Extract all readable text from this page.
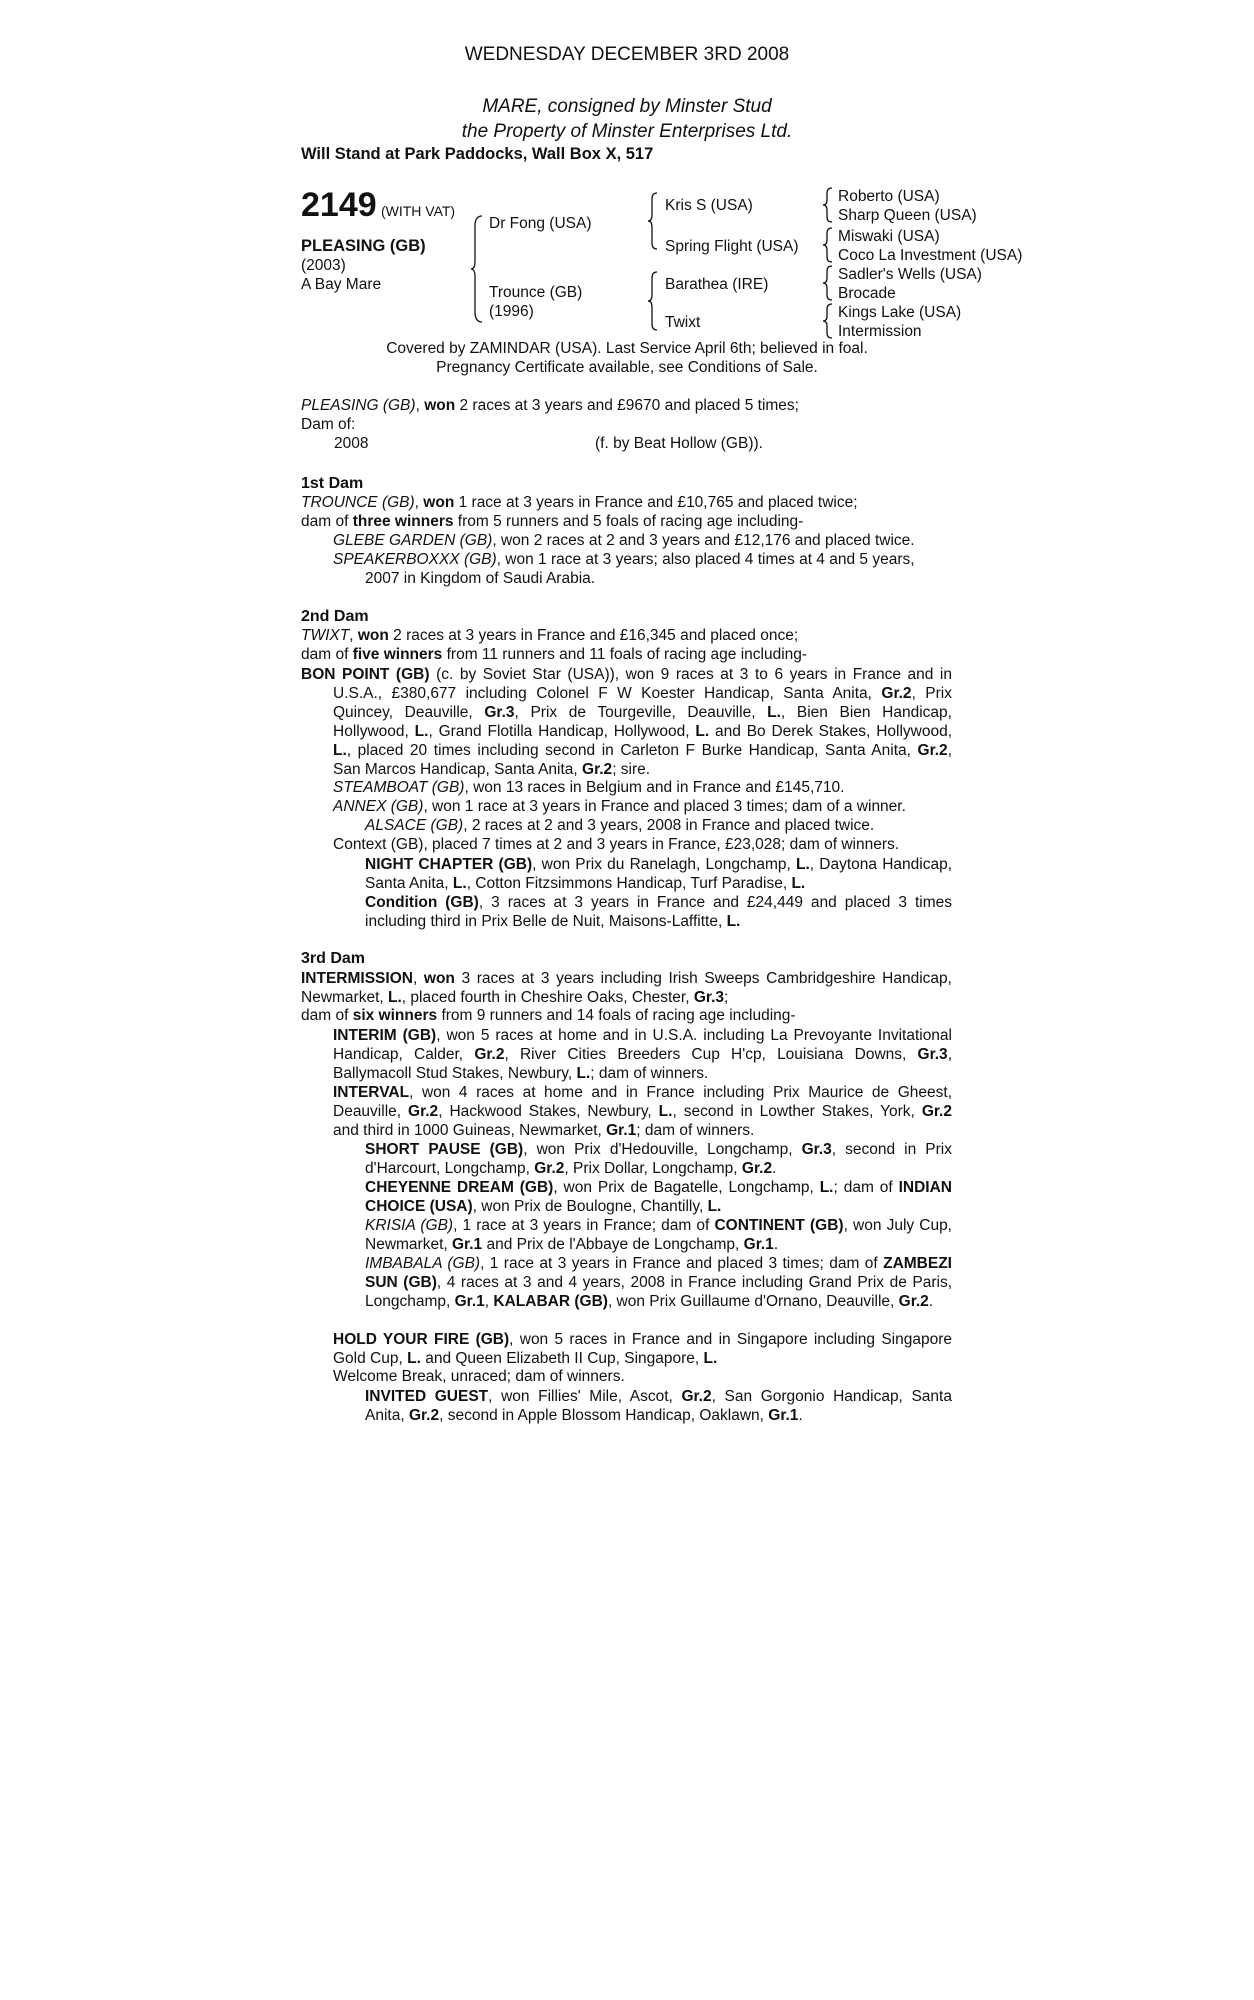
WEDNESDAY DECEMBER 3RD 2008
MARE, consigned by Minster Stud
the Property of Minster Enterprises Ltd.
Will Stand at Park Paddocks, Wall Box X, 517
2149 (WITH VAT)
PLEASING (GB)
(2003)
A Bay Mare
Dr Fong (USA)
Trounce (GB)
(1996)
Kris S (USA)
Spring Flight (USA)
Barathea (IRE)
Twixt
Roberto (USA)
Sharp Queen (USA)
Miswaki (USA)
Coco La Investment (USA)
Sadler's Wells (USA)
Brocade
Kings Lake (USA)
Intermission
Covered by ZAMINDAR (USA). Last Service April 6th; believed in foal.
Pregnancy Certificate available, see Conditions of Sale.
PLEASING (GB), won 2 races at 3 years and £9670 and placed 5 times;
Dam of:
2008	(f. by Beat Hollow (GB)).
1st Dam
TROUNCE (GB), won 1 race at 3 years in France and £10,765 and placed twice;
dam of three winners from 5 runners and 5 foals of racing age including-
GLEBE GARDEN (GB), won 2 races at 2 and 3 years and £12,176 and placed twice.
SPEAKERBOXXX (GB), won 1 race at 3 years; also placed 4 times at 4 and 5 years,
2007 in Kingdom of Saudi Arabia.
2nd Dam
TWIXT, won 2 races at 3 years in France and £16,345 and placed once;
dam of five winners from 11 runners and 11 foals of racing age including-
BON POINT (GB) (c. by Soviet Star (USA)), won 9 races at 3 to 6 years in France and in U.S.A., £380,677 including Colonel F W Koester Handicap, Santa Anita, Gr.2, Prix Quincey, Deauville, Gr.3, Prix de Tourgeville, Deauville, L., Bien Bien Handicap, Hollywood, L., Grand Flotilla Handicap, Hollywood, L. and Bo Derek Stakes, Hollywood, L., placed 20 times including second in Carleton F Burke Handicap, Santa Anita, Gr.2, San Marcos Handicap, Santa Anita, Gr.2; sire.
STEAMBOAT (GB), won 13 races in Belgium and in France and £145,710.
ANNEX (GB), won 1 race at 3 years in France and placed 3 times; dam of a winner.
ALSACE (GB), 2 races at 2 and 3 years, 2008 in France and placed twice.
Context (GB), placed 7 times at 2 and 3 years in France, £23,028; dam of winners.
NIGHT CHAPTER (GB), won Prix du Ranelagh, Longchamp, L., Daytona Handicap, Santa Anita, L., Cotton Fitzsimmons Handicap, Turf Paradise, L.
Condition (GB), 3 races at 3 years in France and £24,449 and placed 3 times including third in Prix Belle de Nuit, Maisons-Laffitte, L.
3rd Dam
INTERMISSION, won 3 races at 3 years including Irish Sweeps Cambridgeshire Handicap, Newmarket, L., placed fourth in Cheshire Oaks, Chester, Gr.3;
dam of six winners from 9 runners and 14 foals of racing age including-
INTERIM (GB), won 5 races at home and in U.S.A. including La Prevoyante Invitational Handicap, Calder, Gr.2, River Cities Breeders Cup H'cp, Louisiana Downs, Gr.3, Ballymacoll Stud Stakes, Newbury, L.; dam of winners.
INTERVAL, won 4 races at home and in France including Prix Maurice de Gheest, Deauville, Gr.2, Hackwood Stakes, Newbury, L., second in Lowther Stakes, York, Gr.2 and third in 1000 Guineas, Newmarket, Gr.1; dam of winners.
SHORT PAUSE (GB), won Prix d'Hedouville, Longchamp, Gr.3, second in Prix d'Harcourt, Longchamp, Gr.2, Prix Dollar, Longchamp, Gr.2.
CHEYENNE DREAM (GB), won Prix de Bagatelle, Longchamp, L.; dam of INDIAN CHOICE (USA), won Prix de Boulogne, Chantilly, L.
KRISIA (GB), 1 race at 3 years in France; dam of CONTINENT (GB), won July Cup, Newmarket, Gr.1 and Prix de l'Abbaye de Longchamp, Gr.1.
IMBABALA (GB), 1 race at 3 years in France and placed 3 times; dam of ZAMBEZI SUN (GB), 4 races at 3 and 4 years, 2008 in France including Grand Prix de Paris, Longchamp, Gr.1, KALABAR (GB), won Prix Guillaume d'Ornano, Deauville, Gr.2.
HOLD YOUR FIRE (GB), won 5 races in France and in Singapore including Singapore Gold Cup, L. and Queen Elizabeth II Cup, Singapore, L.
Welcome Break, unraced; dam of winners.
INVITED GUEST, won Fillies' Mile, Ascot, Gr.2, San Gorgonio Handicap, Santa Anita, Gr.2, second in Apple Blossom Handicap, Oaklawn, Gr.1.
